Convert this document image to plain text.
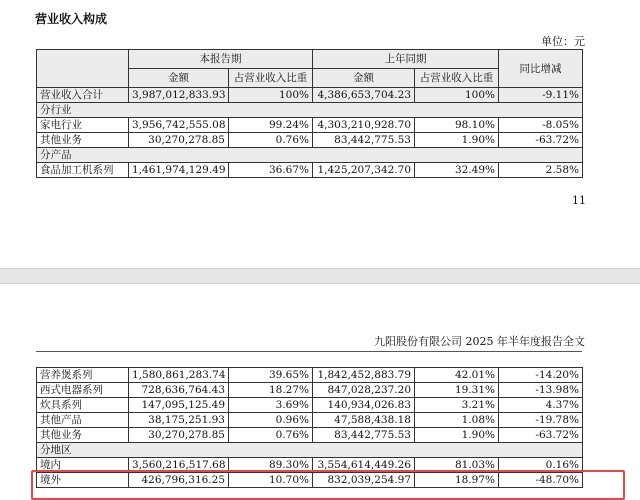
营业收入构成
单位：元
	本报告期		上年同期		同比增减
	金额	占营业收入比重	金额	占营业收入比重	
营业收入合计	3,987,012,833.93	100%	4,386,653,704.23	100%	-9.11%
分行业					
家电行业	3,956,742,555.08	99.24%	4,303,210,928.70	98.10%	-8.05%
其他业务	30,270,278.85	0.76%	83,442,775.53	1.90%	-63.72%
分产品					
食品加工机系列	1,461,974,129.49	36.67%	1,425,207,342.70	32.49%	2.58%
11
九阳股份有限公司 2025 年半年度报告全文
营养煲系列	1,580,861,283.74	39.65%	1,842,452,883.79	42.01%	-14.20%
西式电器系列	728,636,764.43	18.27%	847,028,237.20	19.31%	-13.98%
炊具系列	147,095,125.49	3.69%	140,934,026.83	3.21%	4.37%
其他产品	38,175,251.93	0.96%	47,588,438.18	1.08%	-19.78%
其他业务	30,270,278.85	0.76%	83,442,775.53	1.90%	-63.72%
分地区					
境内	3,560,216,517.68	89.30%	3,554,614,449.26	81.03%	0.16%
境外	426,796,316.25	10.70%	832,039,254.97	18.97%	-48.70%
